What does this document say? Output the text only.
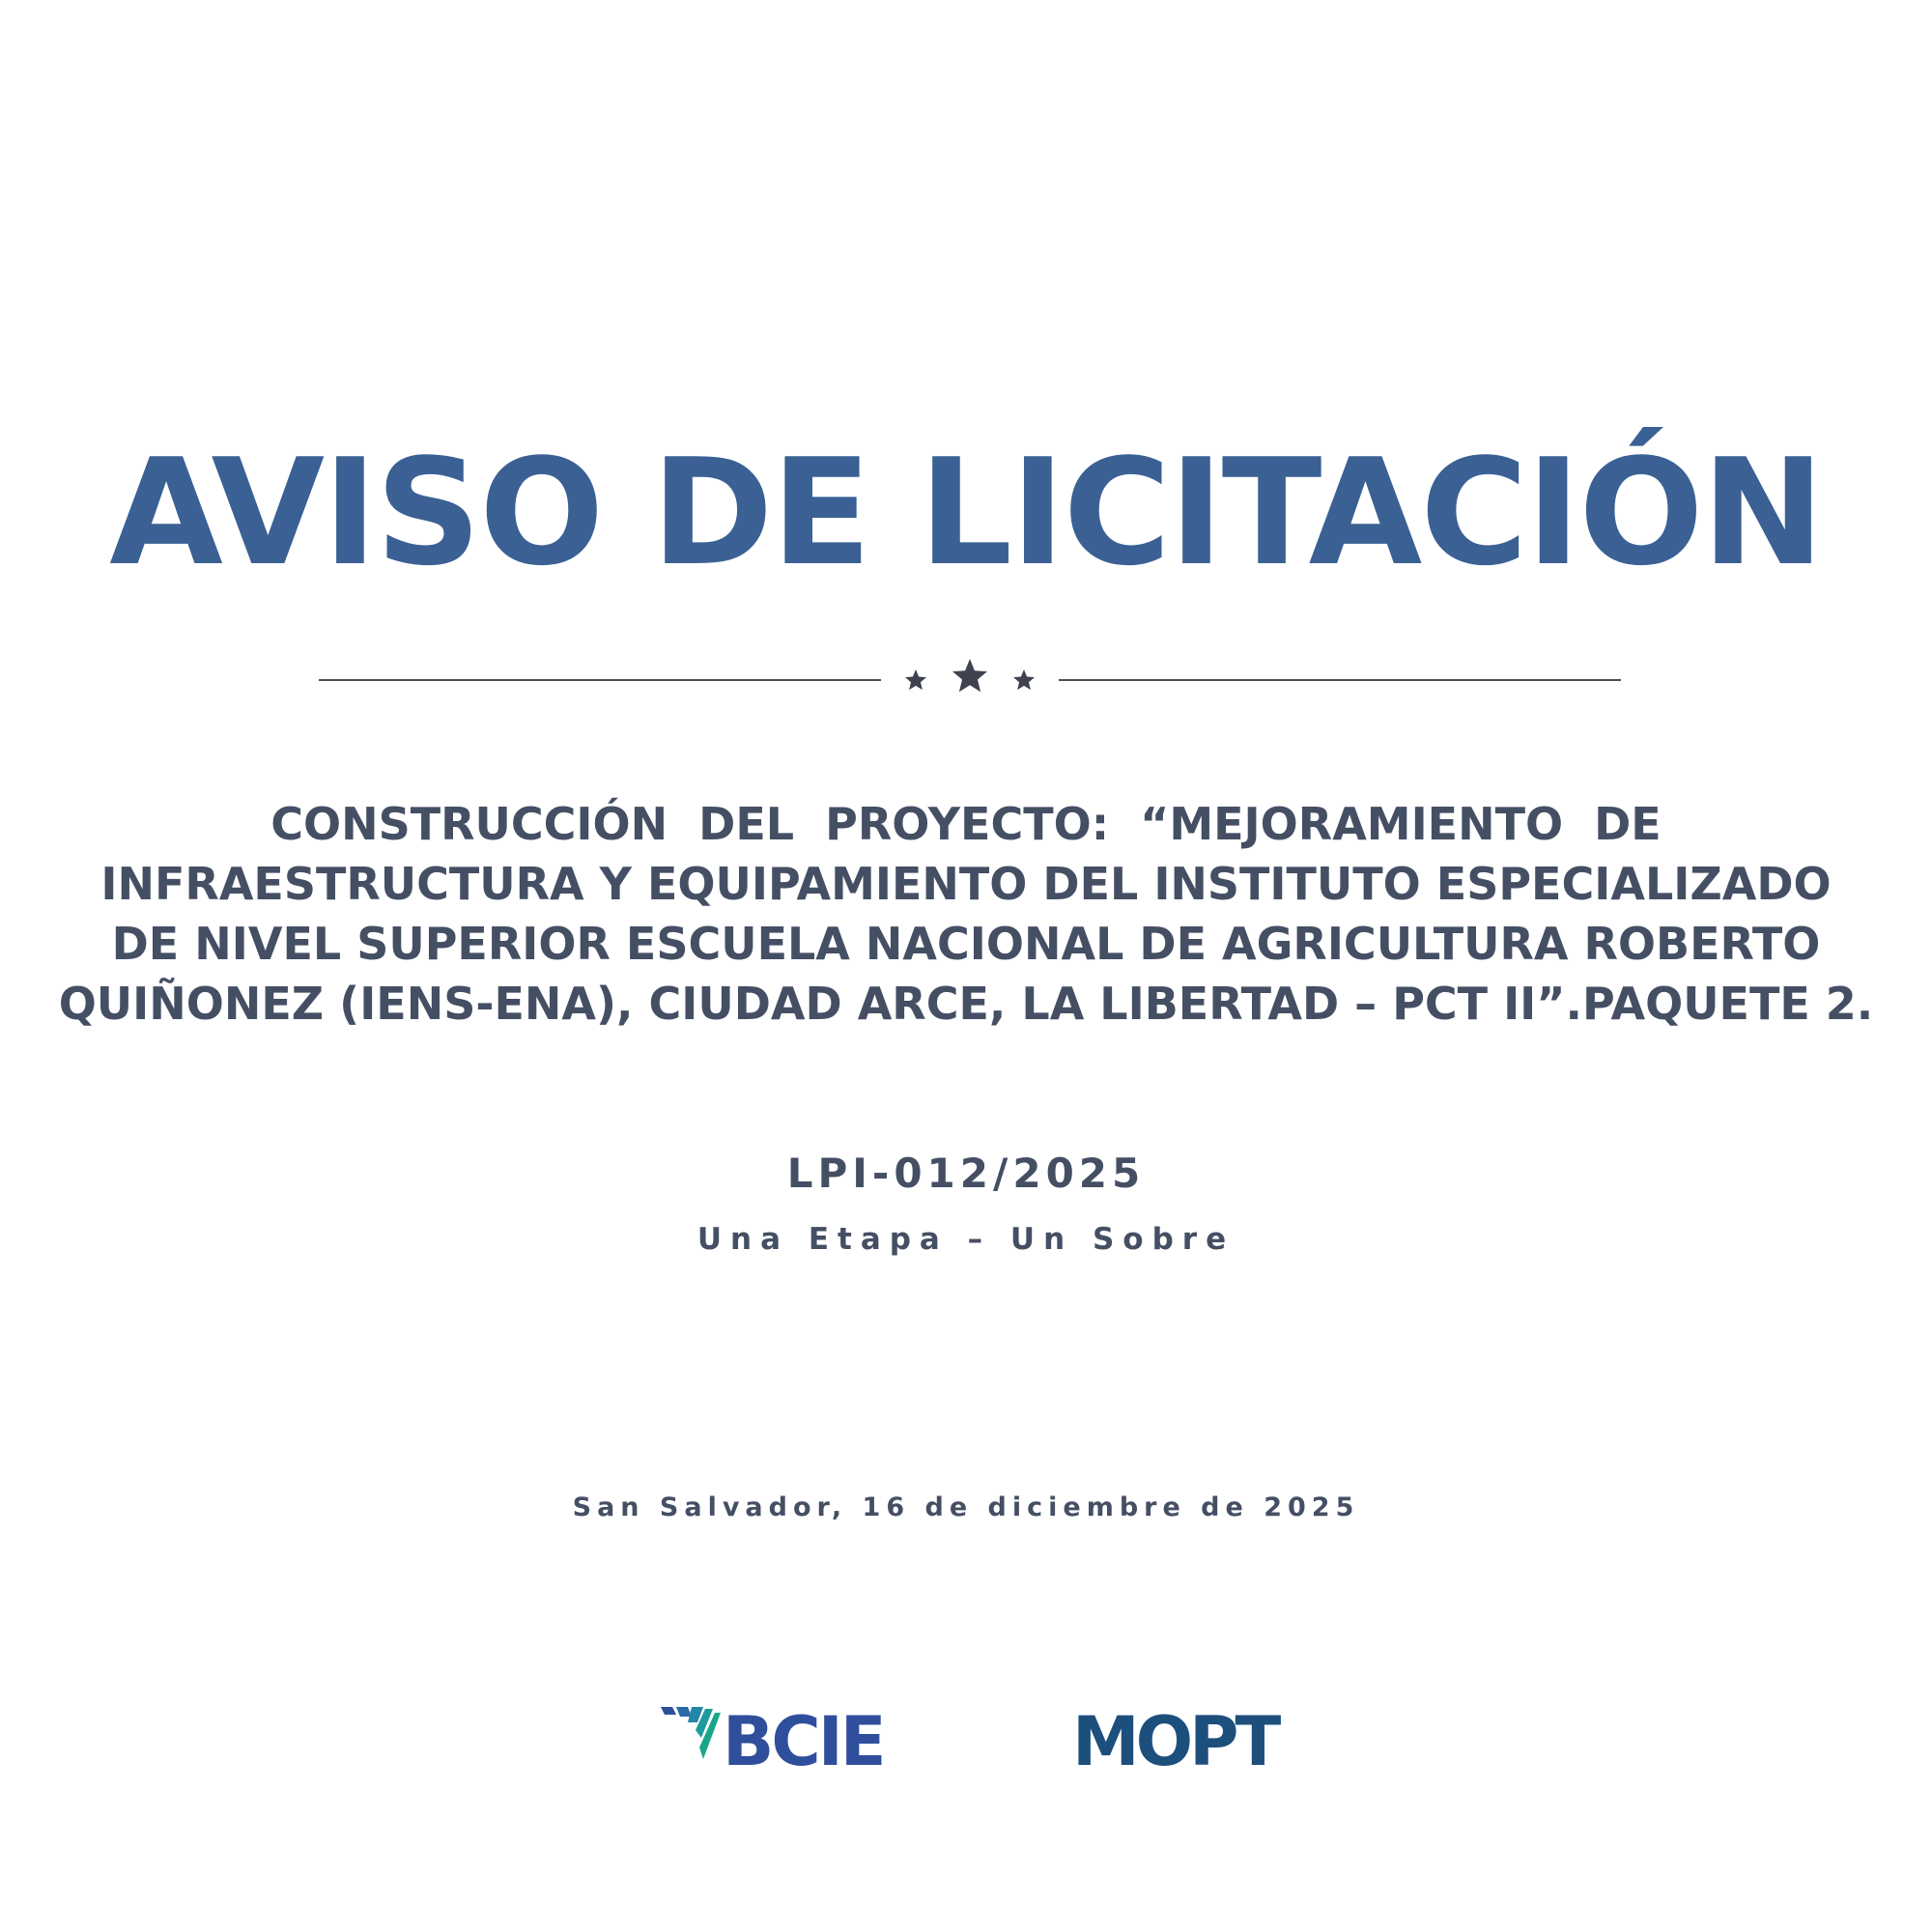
AVISO DE LICITACIÓN
CONSTRUCCIÓN  DEL  PROYECTO:  “MEJORAMIENTO  DE
INFRAESTRUCTURA Y EQUIPAMIENTO DEL INSTITUTO ESPECIALIZADO
DE NIVEL SUPERIOR ESCUELA NACIONAL DE AGRICULTURA ROBERTO
QUIÑONEZ (IENS-ENA), CIUDAD ARCE, LA LIBERTAD – PCT II”.PAQUETE 2.
LPI-012/2025
Una Etapa – Un Sobre
San Salvador, 16 de diciembre de 2025
BCIE	MOPT
